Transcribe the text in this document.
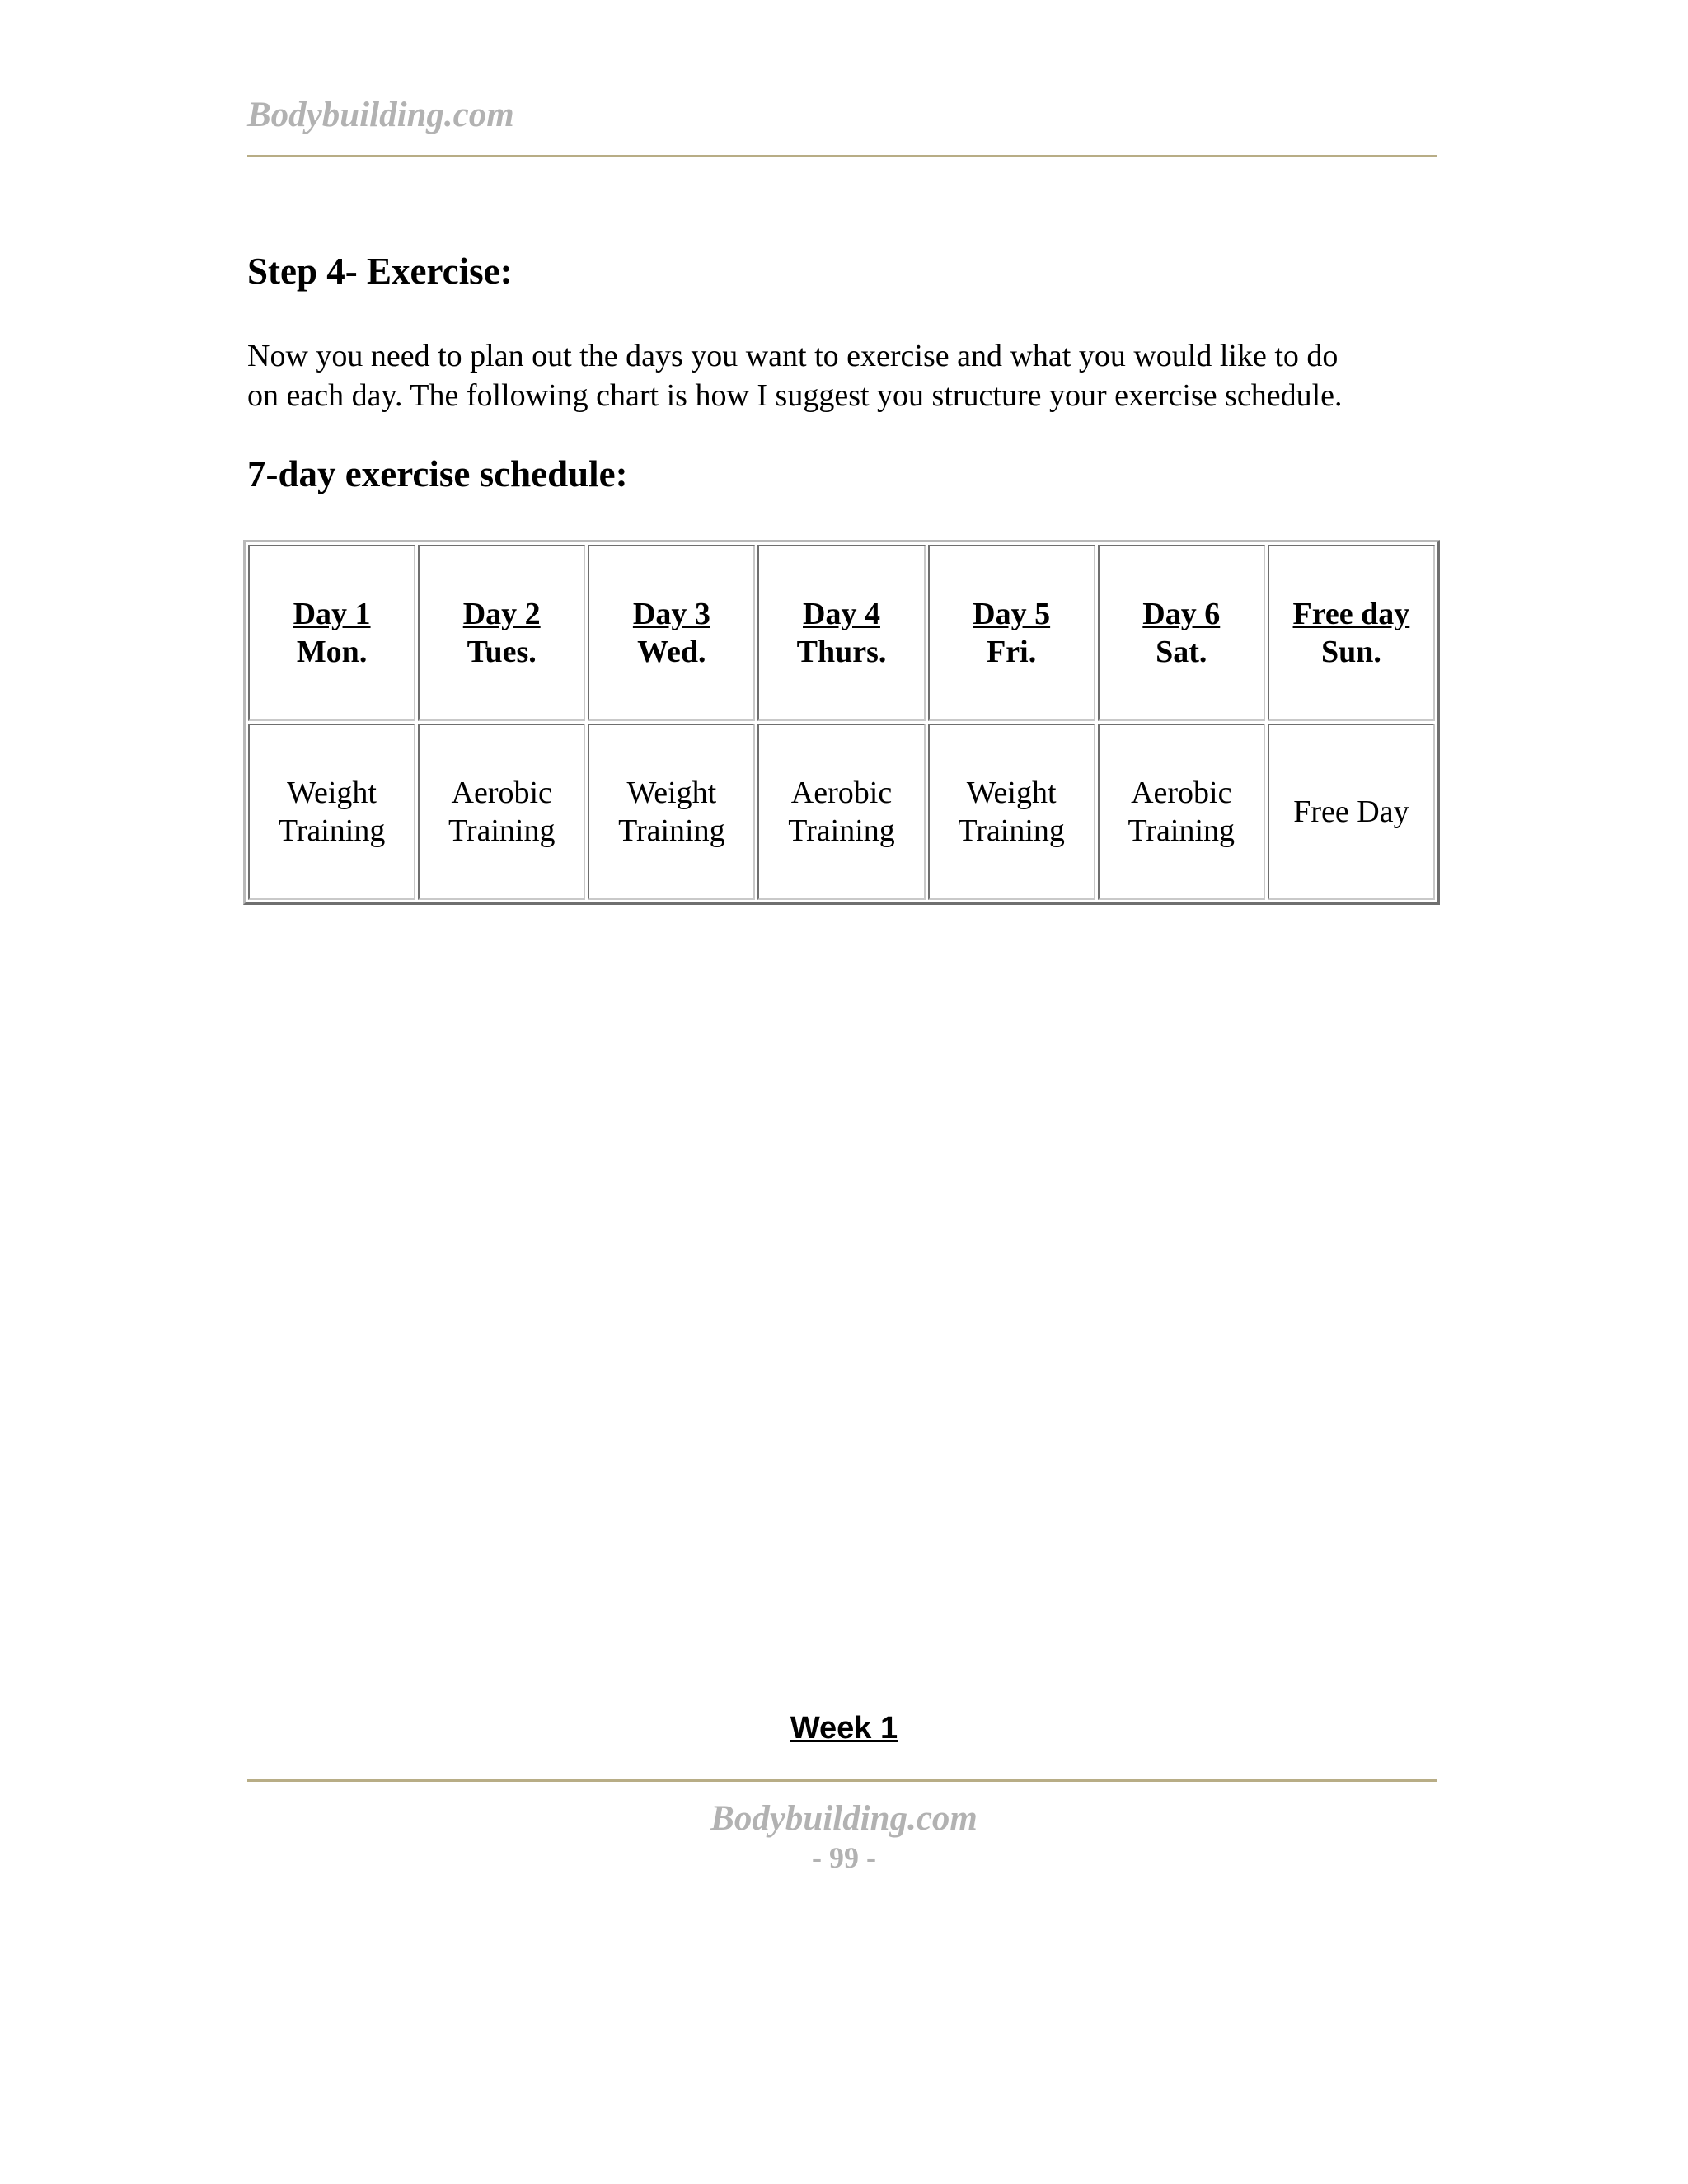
Bodybuilding.com
Step 4- Exercise:
Now you need to plan out the days you want to exercise and what you would like to do
on each day. The following chart is how I suggest you structure your exercise schedule.
7-day exercise schedule:
Day 1
Mon.	Day 2
Tues.	Day 3
Wed.	Day 4
Thurs.	Day 5
Fri.	Day 6
Sat.	Free day
Sun.

Weight
Training	Aerobic
Training	Weight
Training	Aerobic
Training	Weight
Training	Aerobic
Training	Free Day
Week 1
Bodybuilding.com
- 99 -
